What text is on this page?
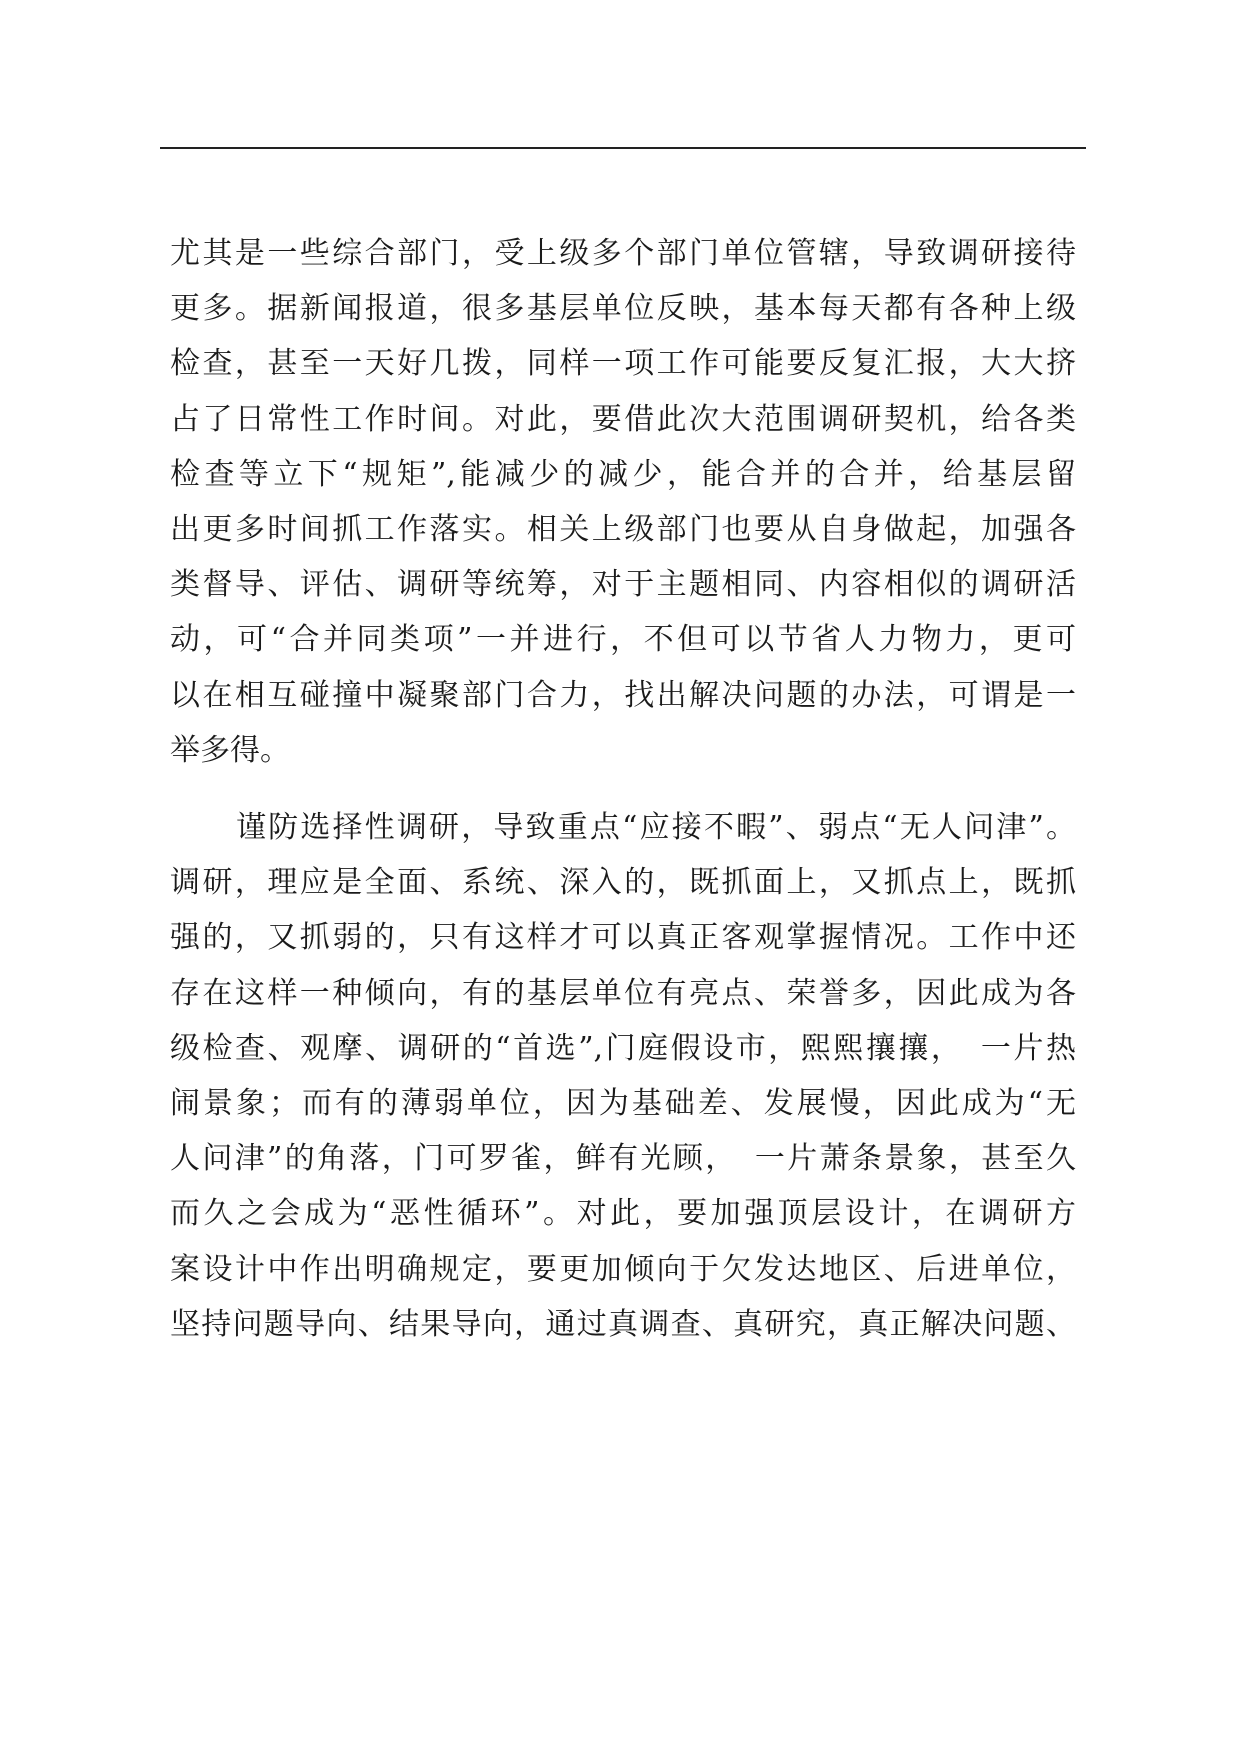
尤其是一些综合部门，受上级多个部门单位管辖，导致调研接待
更多。据新闻报道，很多基层单位反映，基本每天都有各种上级
检查，甚至一天好几拨，同样一项工作可能要反复汇报，大大挤
占了日常性工作时间。对此，要借此次大范围调研契机，给各类
检查等立下“规矩”,能减少的减少，能合并的合并，给基层留
出更多时间抓工作落实。相关上级部门也要从自身做起，加强各
类督导、评估、调研等统筹，对于主题相同、内容相似的调研活
动，可“合并同类项”一并进行，不但可以节省人力物力，更可
以在相互碰撞中凝聚部门合力，找出解决问题的办法，可谓是一
举多得。
谨防选择性调研，导致重点“应接不暇”、弱点“无人问津”。
调研，理应是全面、系统、深入的，既抓面上，又抓点上，既抓
强的，又抓弱的，只有这样才可以真正客观掌握情况。工作中还
存在这样一种倾向，有的基层单位有亮点、荣誉多，因此成为各
级检查、观摩、调研的“首选”,门庭假设市，熙熙攘攘，　一片热
闹景象；而有的薄弱单位，因为基础差、发展慢，因此成为“无
人问津”的角落，门可罗雀，鲜有光顾，　一片萧条景象，甚至久
而久之会成为“恶性循环”。对此，要加强顶层设计，在调研方
案设计中作出明确规定，要更加倾向于欠发达地区、后进单位，
坚持问题导向、结果导向，通过真调查、真研究，真正解决问题、
